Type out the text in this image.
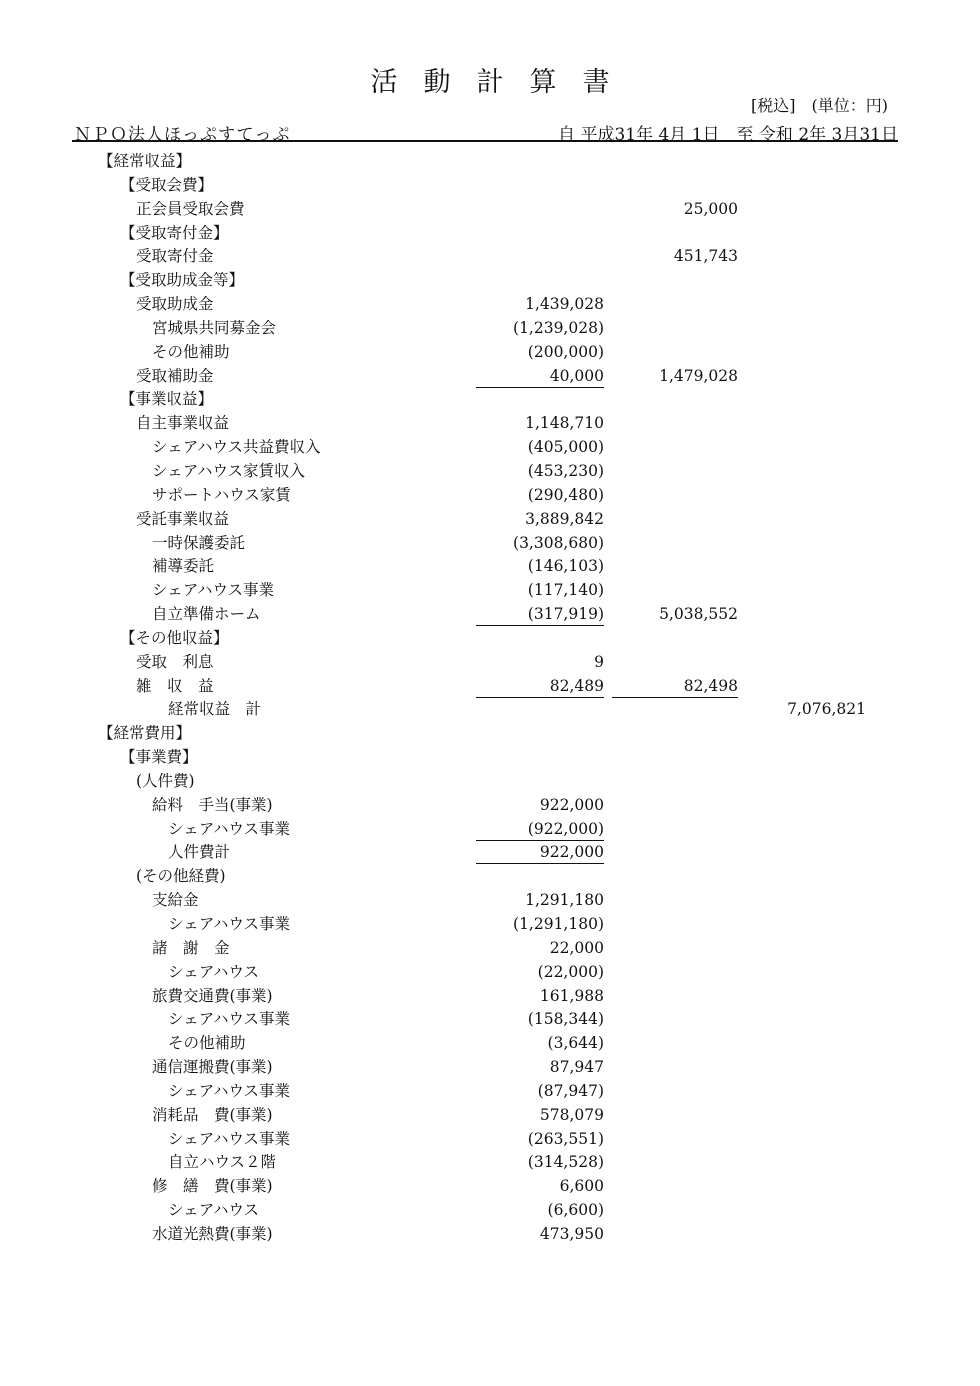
活動計算書
[税込]　(単位：円)
ＮＰＯ法人ほっぷすてっぷ	自 平成31年 4月 1日　至 令和 2年 3月31日
【経常収益】
【受取会費】
正会員受取会費	25,000
【受取寄付金】
受取寄付金	451,743
【受取助成金等】
受取助成金	1,439,028
宮城県共同募金会	(1,239,028)
その他補助	(200,000)
受取補助金	40,000	1,479,028
【事業収益】
自主事業収益	1,148,710
シェアハウス共益費収入	(405,000)
シェアハウス家賃収入	(453,230)
サポートハウス家賃	(290,480)
受託事業収益	3,889,842
一時保護委託	(3,308,680)
補導委託	(146,103)
シェアハウス事業	(117,140)
自立準備ホーム	(317,919)	5,038,552
【その他収益】
受取　利息	9
雑　収　益	82,489	82,498
経常収益　計	7,076,821
【経常費用】
【事業費】
(人件費)
給料　手当(事業)	922,000
シェアハウス事業	(922,000)
人件費計	922,000
(その他経費)
支給金	1,291,180
シェアハウス事業	(1,291,180)
諸　謝　金	22,000
シェアハウス	(22,000)
旅費交通費(事業)	161,988
シェアハウス事業	(158,344)
その他補助	(3,644)
通信運搬費(事業)	87,947
シェアハウス事業	(87,947)
消耗品　費(事業)	578,079
シェアハウス事業	(263,551)
自立ハウス２階	(314,528)
修　繕　費(事業)	6,600
シェアハウス	(6,600)
水道光熱費(事業)	473,950
